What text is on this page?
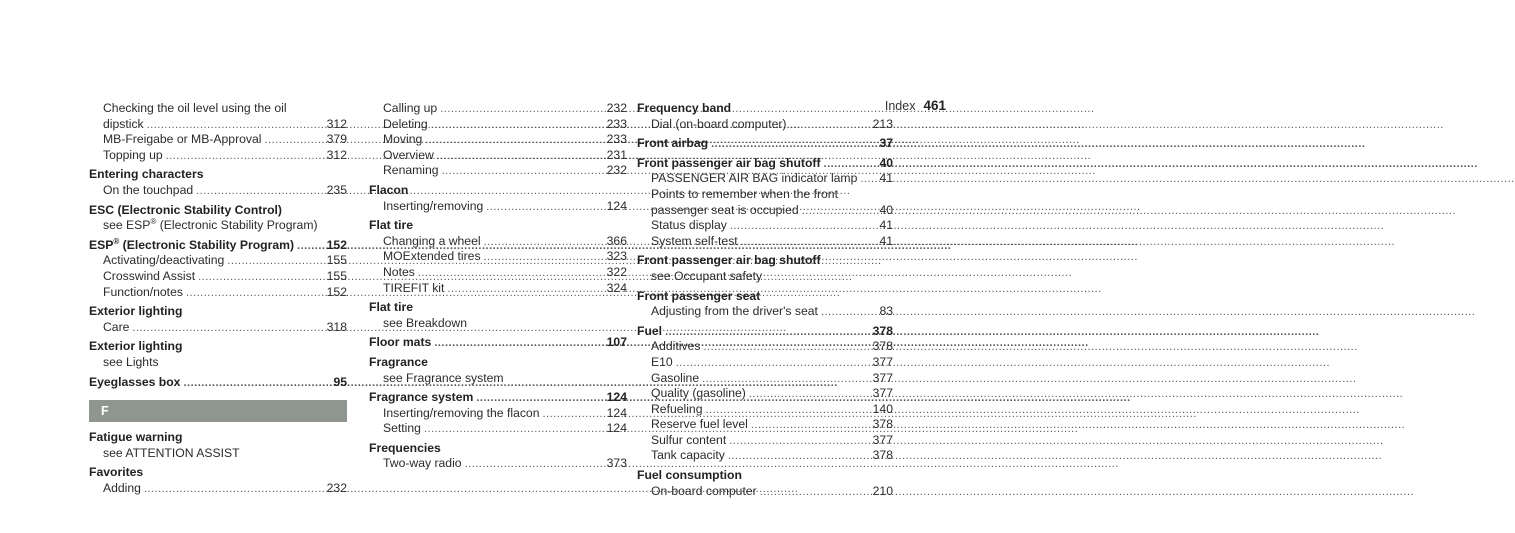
Index 461
Checking the oil level using the oil
dipstick .....	312
MB-Freigabe or MB-Approval .....	379
Topping up .....	312
Entering characters
On the touchpad .....	235
ESC (Electronic Stability Control)
see ESP® (Electronic Stability Program)
ESP® (Electronic Stability Program) .....	152
Activating/deactivating .....	155
Crosswind Assist .....	155
Function/notes .....	152
Exterior lighting
Care .....	318
Exterior lighting
see Lights
Eyeglasses box .....	95
F
Fatigue warning
see ATTENTION ASSIST
Favorites
Adding .....	232
Calling up .....	232
Deleting .....	233
Moving .....	233
Overview .....	231
Renaming .....	232
Flacon
Inserting/removing .....	124
Flat tire
Changing a wheel .....	366
MOExtended tires .....	323
Notes .....	322
TIREFIT kit .....	324
Flat tire
see Breakdown
Floor mats .....	107
Fragrance
see Fragrance system
Fragrance system .....	124
Inserting/removing the flacon .....	124
Setting .....	124
Frequencies
Two-way radio .....	373
Frequency band
Dial (on-board computer) .....	213
Front airbag .....	37
Front passenger air bag shutoff .....	40
PASSENGER AIR BAG indicator lamp .....	41
Points to remember when the front
passenger seat is occupied .....	40
Status display .....	41
System self-test .....	41
Front passenger air bag shutoff
see Occupant safety
Front passenger seat
Adjusting from the driver's seat .....	83
Fuel .....	378
Additives .....	378
E10 .....	377
Gasoline .....	377
Quality (gasoline) .....	377
Refueling .....	140
Reserve fuel level .....	378
Sulfur content .....	377
Tank capacity .....	378
Fuel consumption
On-board computer .....	210
